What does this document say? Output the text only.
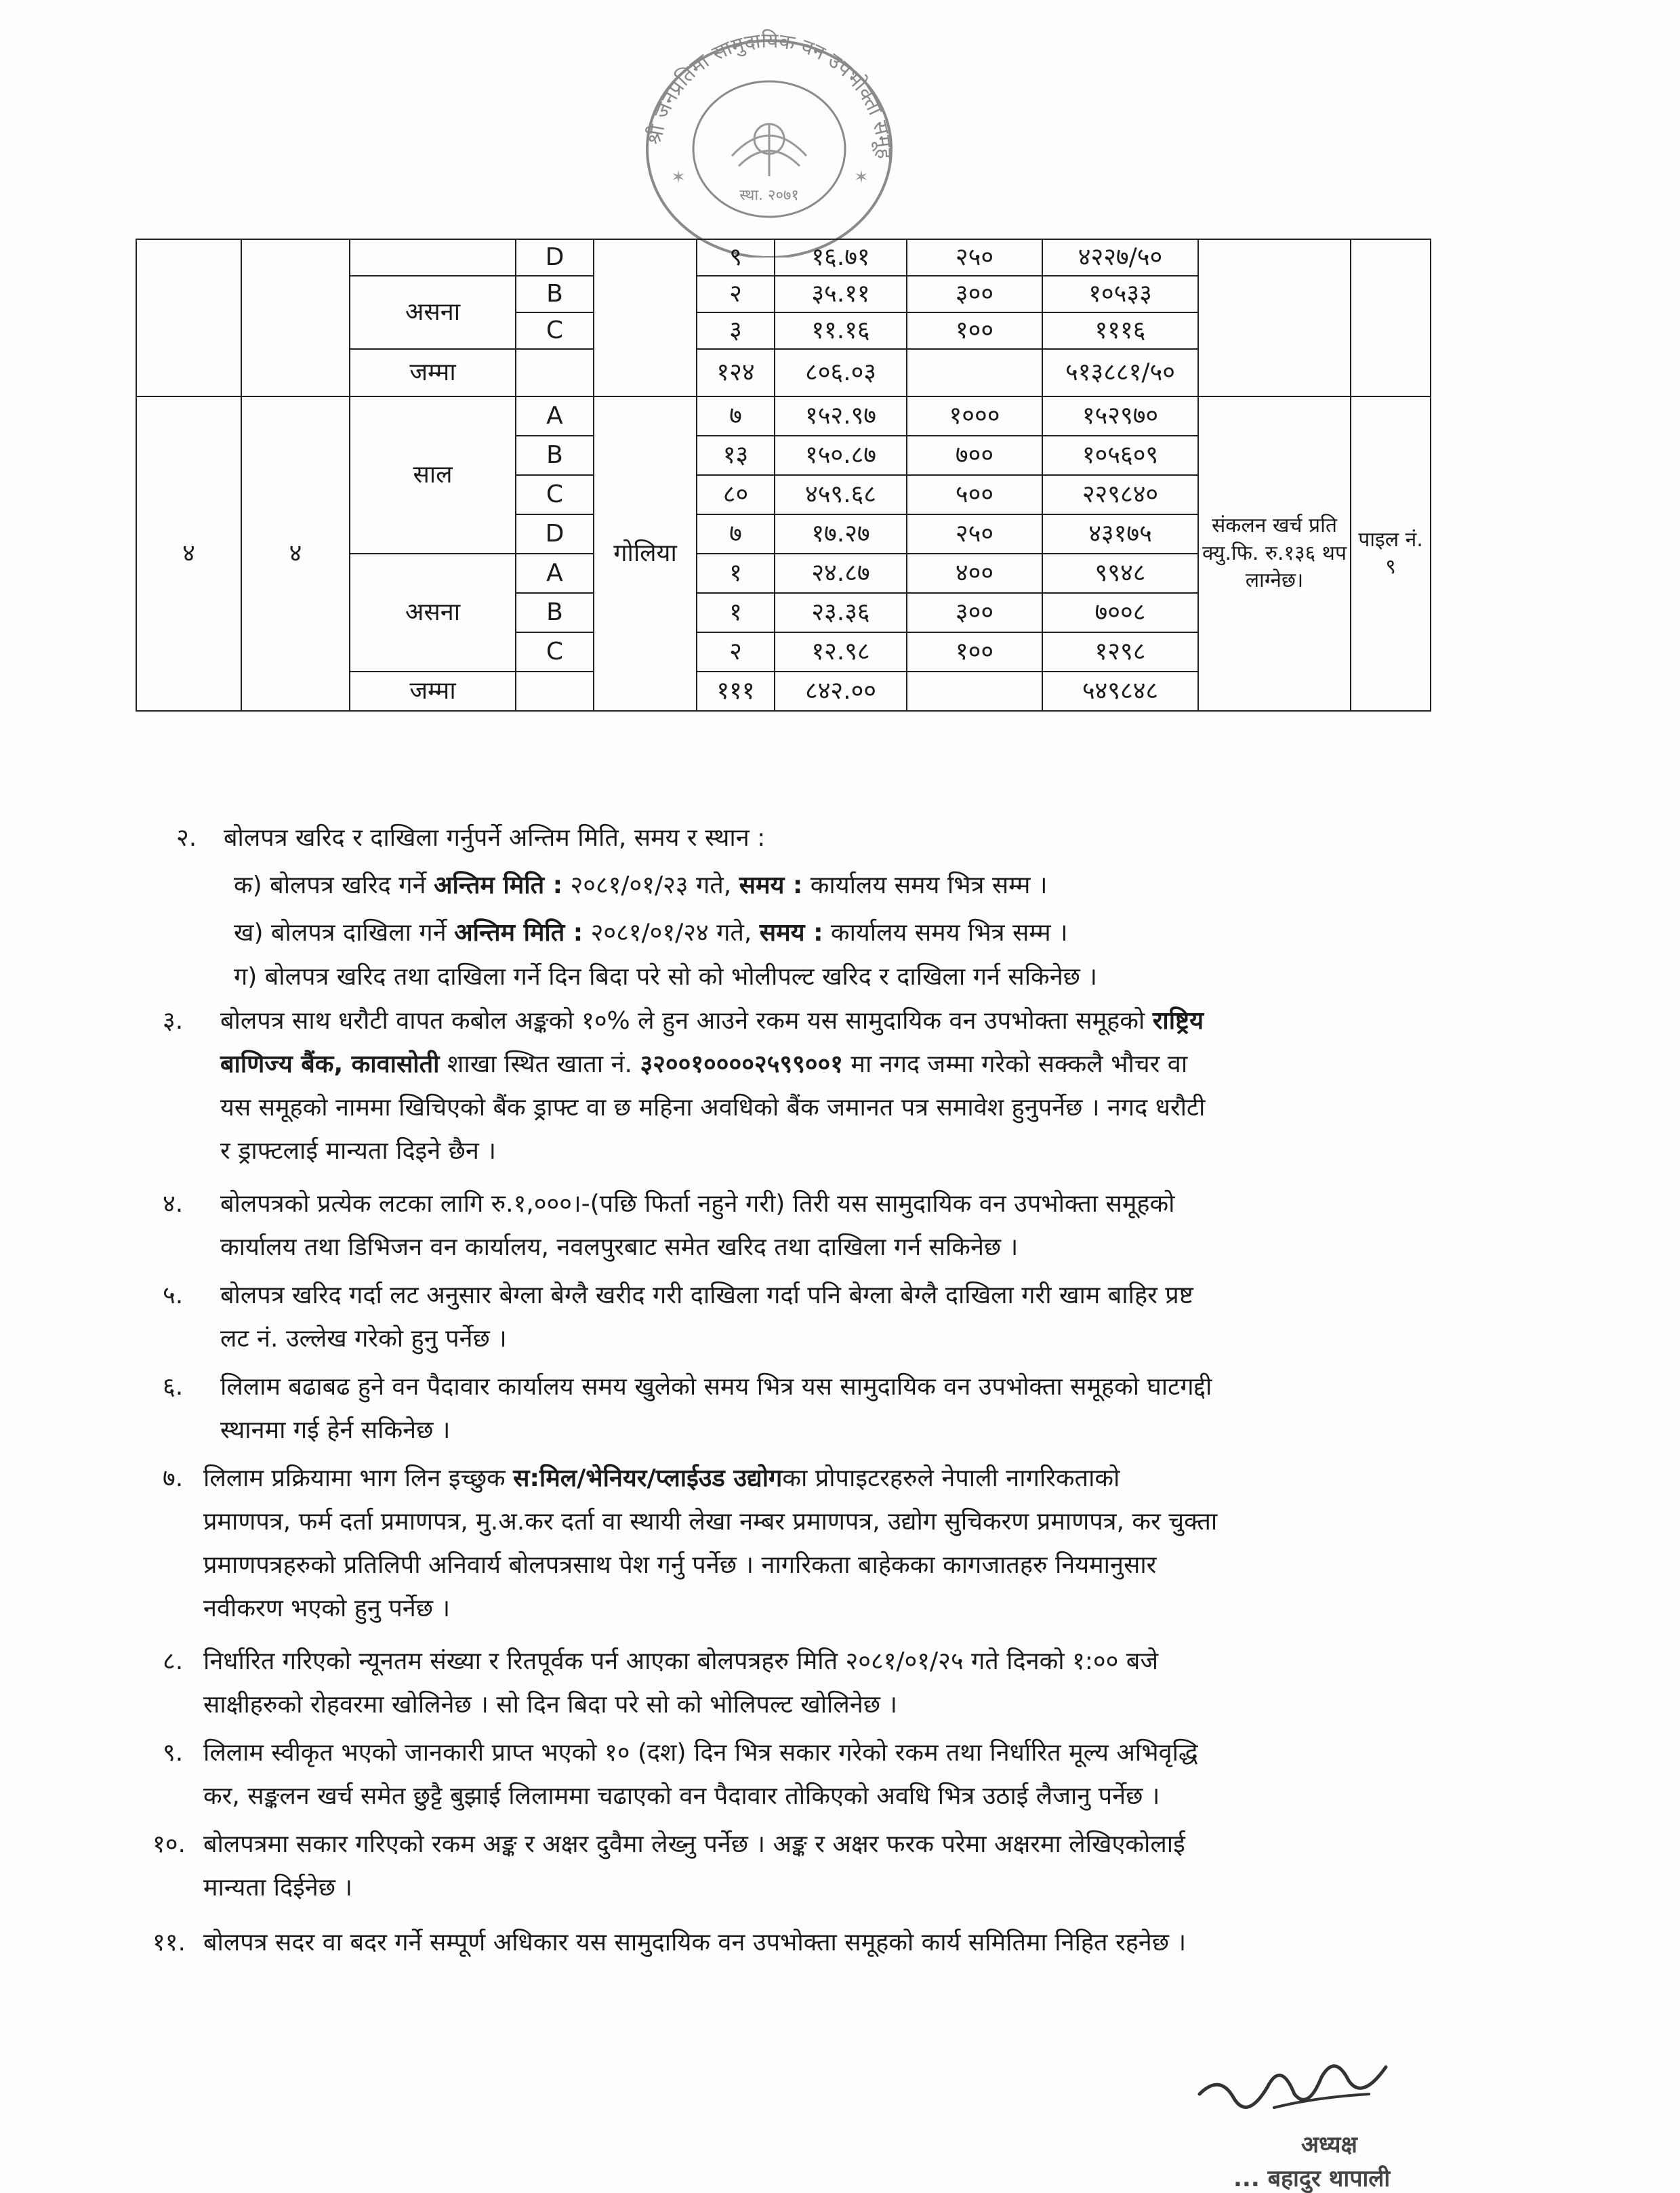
श्री जनप्रतिमा सामुदायिक वन उपभोक्ता समूह
स्था. २०७१
✶	✶
			D		९	१६.७१	२५०	४२२७/५०		
		असना	B		२	३५.११	३००	१०५३३		
			C		३	११.१६	१००	१११६		
		जम्मा			१२४	८०६.०३		५१३८८१/५०		
४	४	साल	A	गोलिया	७	१५२.९७	१०००	१५२९७०	संकलन खर्च प्रति क्यु.फि. रु.१३६ थप लाग्नेछ।	पाइल नं. ९
			B		१३	१५०.८७	७००	१०५६०९		
			C		८०	४५९.६८	५००	२२९८४०		
			D		७	१७.२७	२५०	४३१७५		
		असना	A		१	२४.८७	४००	९९४८		
			B		१	२३.३६	३००	७००८		
			C		२	१२.९८	१००	१२९८		
		जम्मा			१११	८४२.००		५४९८४८		
२. बोलपत्र खरिद र दाखिला गर्नुपर्ने अन्तिम मिति, समय र स्थान :
क) बोलपत्र खरिद गर्ने अन्तिम मिति : २०८१/०१/२३ गते, समय : कार्यालय समय भित्र सम्म ।
ख) बोलपत्र दाखिला गर्ने अन्तिम मिति : २०८१/०१/२४ गते, समय : कार्यालय समय भित्र सम्म ।
ग) बोलपत्र खरिद तथा दाखिला गर्ने दिन बिदा परे सो को भोलीपल्ट खरिद र दाखिला गर्न सकिनेछ ।
३. बोलपत्र साथ धरौटी वापत कबोल अङ्कको १०% ले हुन आउने रकम यस सामुदायिक वन उपभोक्ता समूहको राष्ट्रिय
बाणिज्य बैंक, कावासोती शाखा स्थित खाता नं. ३२००१००००२५९९००१ मा नगद जम्मा गरेको सक्कलै भौचर वा
यस समूहको नाममा खिचिएको बैंक ड्राफ्ट वा छ महिना अवधिको बैंक जमानत पत्र समावेश हुनुपर्नेछ । नगद धरौटी
र ड्राफ्टलाई मान्यता दिइने छैन ।
४. बोलपत्रको प्रत्येक लटका लागि रु.१,०००।-(पछि फिर्ता नहुने गरी) तिरी यस सामुदायिक वन उपभोक्ता समूहको
कार्यालय तथा डिभिजन वन कार्यालय, नवलपुरबाट समेत खरिद तथा दाखिला गर्न सकिनेछ ।
५. बोलपत्र खरिद गर्दा लट अनुसार बेग्ला बेग्लै खरीद गरी दाखिला गर्दा पनि बेग्ला बेग्लै दाखिला गरी खाम बाहिर प्रष्ट
लट नं. उल्लेख गरेको हुनु पर्नेछ ।
६. लिलाम बढाबढ हुने वन पैदावार कार्यालय समय खुलेको समय भित्र यस सामुदायिक वन उपभोक्ता समूहको घाटगद्दी
स्थानमा गई हेर्न सकिनेछ ।
७. लिलाम प्रक्रियामा भाग लिन इच्छुक स:मिल/भेनियर/प्लाईउड उद्योगका प्रोपाइटरहरुले नेपाली नागरिकताको
प्रमाणपत्र, फर्म दर्ता प्रमाणपत्र, मु.अ.कर दर्ता वा स्थायी लेखा नम्बर प्रमाणपत्र, उद्योग सुचिकरण प्रमाणपत्र, कर चुक्ता
प्रमाणपत्रहरुको प्रतिलिपी अनिवार्य बोलपत्रसाथ पेश गर्नु पर्नेछ । नागरिकता बाहेकका कागजातहरु नियमानुसार
नवीकरण भएको हुनु पर्नेछ ।
८. निर्धारित गरिएको न्यूनतम संख्या र रितपूर्वक पर्न आएका बोलपत्रहरु मिति २०८१/०१/२५ गते दिनको १:०० बजे
साक्षीहरुको रोहवरमा खोलिनेछ । सो दिन बिदा परे सो को भोलिपल्ट खोलिनेछ ।
९. लिलाम स्वीकृत भएको जानकारी प्राप्त भएको १० (दश) दिन भित्र सकार गरेको रकम तथा निर्धारित मूल्य अभिवृद्धि
कर, सङ्कलन खर्च समेत छुट्टै बुझाई लिलाममा चढाएको वन पैदावार तोकिएको अवधि भित्र उठाई लैजानु पर्नेछ ।
१०. बोलपत्रमा सकार गरिएको रकम अङ्क र अक्षर दुवैमा लेख्नु पर्नेछ । अङ्क र अक्षर फरक परेमा अक्षरमा लेखिएकोलाई
मान्यता दिईनेछ ।
११. बोलपत्र सदर वा बदर गर्ने सम्पूर्ण अधिकार यस सामुदायिक वन उपभोक्ता समूहको कार्य समितिमा निहित रहनेछ ।
अध्यक्ष
... बहादुर थापाली
